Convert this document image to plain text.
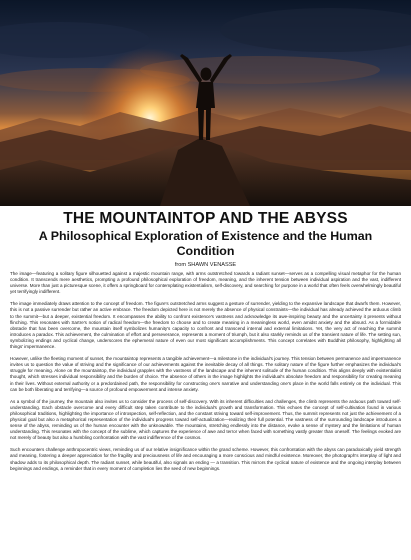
THE MOUNTAINTOP AND THE ABYSS
A Philosophical Exploration of Existence and the Human Condition
from SHAWN VENASSE

The image—featuring a solitary figure silhouetted against a majestic mountain range, with arms outstretched towards a radiant sunset—serves as a compelling visual metaphor for the human condition. It transcends mere aesthetics, prompting a profound philosophical exploration of freedom, meaning, and the inherent tension between individual aspiration and the vast, indifferent universe. More than just a picturesque scene, it offers a springboard for contemplating existentialism, self-discovery, and searching for purpose in a world that often feels overwhelmingly beautiful yet terrifyingly indifferent.

The image immediately draws attention to the concept of freedom. The figure's outstretched arms suggest a gesture of surrender, yielding to the expansive landscape that dwarfs them. However, this is not a passive surrender but rather an active embrace. The freedom depicted here is not merely the absence of physical constraints—the individual has already achieved the arduous climb to the summit—but a deeper, existential freedom. It encompasses the ability to confront existence's vastness and acknowledge its awe-inspiring beauty and the uncertainty it presents without flinching. This resonates with Sartre's notion of radical freedom—the freedom to choose and to create meaning in a meaningless world, even amidst anxiety and the absurd. As a formidable obstacle that has been overcome, the mountain itself symbolizes humanity's capacity to confront and transcend internal and external limitations. Yet, the very act of reaching the summit introduces a paradox. This achievement, the culmination of effort and perseverance, represents a moment of triumph, but it also starkly reminds us of the transient nature of life. The setting sun, symbolizing endings and cyclical change, underscores the ephemeral nature of even our most significant accomplishments. This concept correlates with Buddhist philosophy, highlighting all things' impermanence.

However, unlike the fleeting moment of sunset, the mountaintop represents a tangible achievement—a milestone in the individual's journey. This tension between permanence and impermanence invites us to question the value of striving and the significance of our achievements against the inevitable decay of all things. The solitary nature of the figure further emphasizes the individual's struggle for meaning. Alone on the mountaintop, the individual grapples with the vastness of the landscape and the inherent solitude of the human condition. This aligns deeply with existentialist thought, which stresses individual responsibility and the burden of choice. The absence of others in the image highlights the individual's absolute freedom and responsibility for creating meaning in their lives. Without external authority or a predordained path, the responsibility for constructing one's narrative and understanding one's place in the world falls entirely on the individual. This can be both liberating and terrifying—a source of profound empowerment and intense anxiety.

As a symbol of the journey, the mountain also invites us to consider the process of self-discovery. With its inherent difficulties and challenges, the climb represents the arduous path toward self-understanding. Each obstacle overcome and every difficult step taken contribute to the individual's growth and transformation. This echoes the concept of self-cultivation found in various philosophical traditions, highlighting the importance of introspection, self-reflection, and the constant striving toward self-improvement. Thus, the summit represents not just the achievement of a physical goal but also a metaphorical representation of the individual's progress toward self-actualization—realizing their full potential. The vastness of the surrounding landscape introduces a sense of the abyss, reminding us of the human encounter with the unknowable. The mountains, stretching endlessly into the distance, evoke a sense of mystery and the limitations of human understanding. This resonates with the concept of the sublime, which captures the experience of awe and terror when faced with something vastly greater than oneself. The feelings evoked are not merely of beauty but also a humbling confrontation with the vast indifference of the cosmos.

Such encounters challenge anthropocentric views, reminding us of our relative insignificance within the grand scheme. However, this confrontation with the abyss can paradoxically yield strength and meaning, fostering a deeper appreciation for the fragility and preciousness of life and encouraging a more conscious and mindful existence. Moreover, the photograph's interplay of light and shadow adds to its philosophical depth. The radiant sunset, while beautiful, also signals an ending — a transition. This mirrors the cyclical nature of existence and the ongoing interplay between beginnings and endings, a reminder that in every moment of completion lies the seed of new beginnings.
